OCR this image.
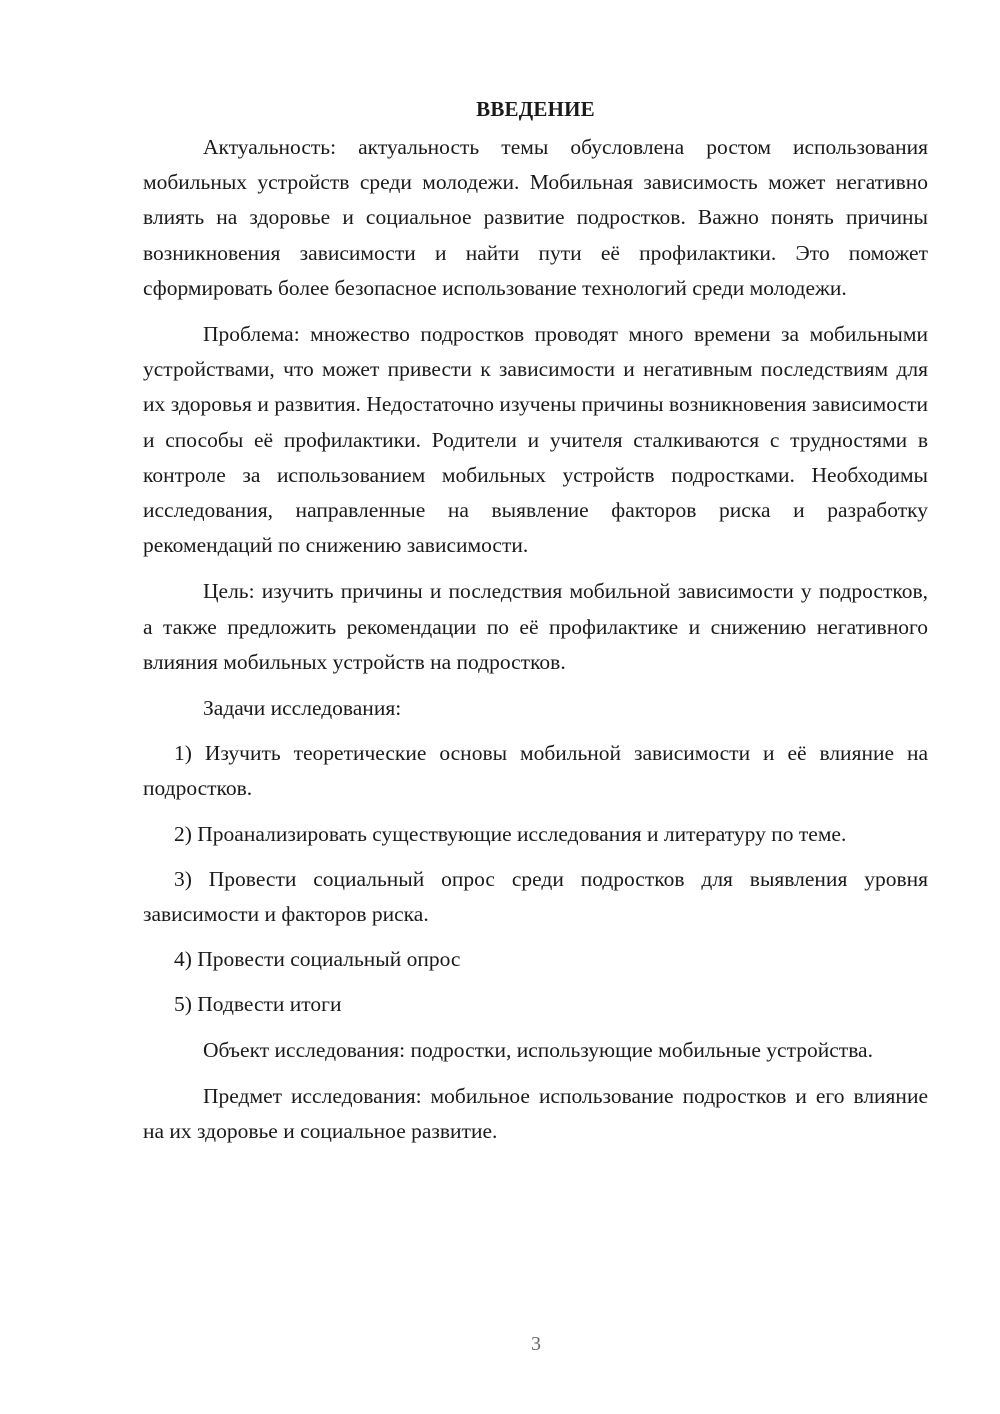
ВВЕДЕНИЕ

Актуальность: актуальность темы обусловлена ростом использования мобильных устройств среди молодежи. Мобильная зависимость может негативно влиять на здоровье и социальное развитие подростков. Важно понять причины возникновения зависимости и найти пути её профилактики. Это поможет сформировать более безопасное использование технологий среди молодежи.

Проблема: множество подростков проводят много времени за мобильными устройствами, что может привести к зависимости и негативным последствиям для их здоровья и развития. Недостаточно изучены причины возникновения зависимости и способы её профилактики. Родители и учителя сталкиваются с трудностями в контроле за использованием мобильных устройств подростками. Необходимы исследования, направленные на выявление факторов риска и разработку рекомендаций по снижению зависимости.

Цель: изучить причины и последствия мобильной зависимости у подростков, а также предложить рекомендации по её профилактике и снижению негативного влияния мобильных устройств на подростков.

Задачи исследования:

1) Изучить теоретические основы мобильной зависимости и её влияние на подростков.

2) Проанализировать существующие исследования и литературу по теме.

3) Провести социальный опрос среди подростков для выявления уровня зависимости и факторов риска.

4) Провести социальный опрос

5) Подвести итоги

Объект исследования: подростки, использующие мобильные устройства.

Предмет исследования: мобильное использование подростков и его влияние на их здоровье и социальное развитие.

3
